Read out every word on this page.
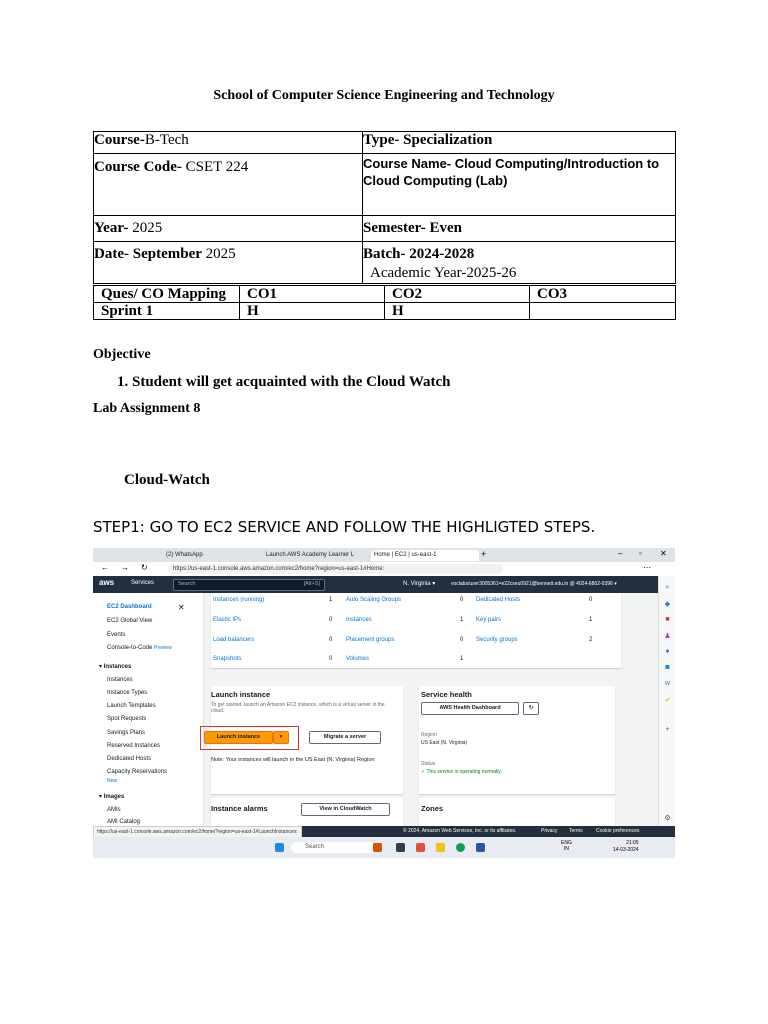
School of Computer Science Engineering and Technology
Course-B-Tech	Type- Specialization
Course Code- CSET 224	Course Name- Cloud Computing/Introduction to Cloud Computing (Lab)
Year- 2025	Semester- Even
Date- September 2025	Batch- 2024-2028
Academic Year-2025-26
Ques/ CO Mapping	CO1	CO2	CO3
Sprint 1	H	H	
Objective
1. Student will get acquainted with the Cloud Watch
Lab Assignment 8
Cloud-Watch
STEP1: GO TO EC2 SERVICE AND FOLLOW THE HIGHLIGTED STEPS.
(2) WhatsApp	Launch AWS Academy Learner L	Home | EC2 | us-east-1	+	– ▫ ✕
← → ↻	https://us-east-1.console.aws.amazon.com/ec2/home?region=us-east-1#Home:	⋯
aws	Services	Search	[Alt+S]	N. Virginia ▾	voclabs/user3005361=e22cseu0921@bennett.edu.in @ 4024-6802-0396 ▾
EC2 Dashboard	✕
EC2 Global View
Events
Console-to-Code Preview
▾ Instances
Instances
Instance Types
Launch Templates
Spot Requests
Savings Plans
Reserved Instances
Dedicated Hosts
Capacity Reservations
New
▾ Images
AMIs
AMI Catalog
Instances (running)	1 Auto Scaling Groups	0 Dedicated Hosts	0
Elastic IPs	0 Instances	1 Key pairs	1
Load balancers	0 Placement groups	0 Security groups	2
Snapshots	0 Volumes	1
Launch instance
To get started, launch an Amazon EC2 instance, which is a virtual server in the cloud.
Launch instance	▾	Migrate a server
Note: Your instances will launch in the US East (N. Virginia) Region
Service health
AWS Health Dashboard	↻
Region
US East (N. Virginia)
Status
✓ This service is operating normally.
Instance alarms	View in CloudWatch	Zones
⌕
◆
■
♟
●
◙
w
✔
+
⚙
© 2024, Amazon Web Services, Inc. or its affiliates.	Privacy Terms	Cookie preferences
https://us-east-1.console.aws.amazon.com/ec2/home?region=us-east-1#LaunchInstances:
Search
ENG
IN
21:05
14-03-2024
